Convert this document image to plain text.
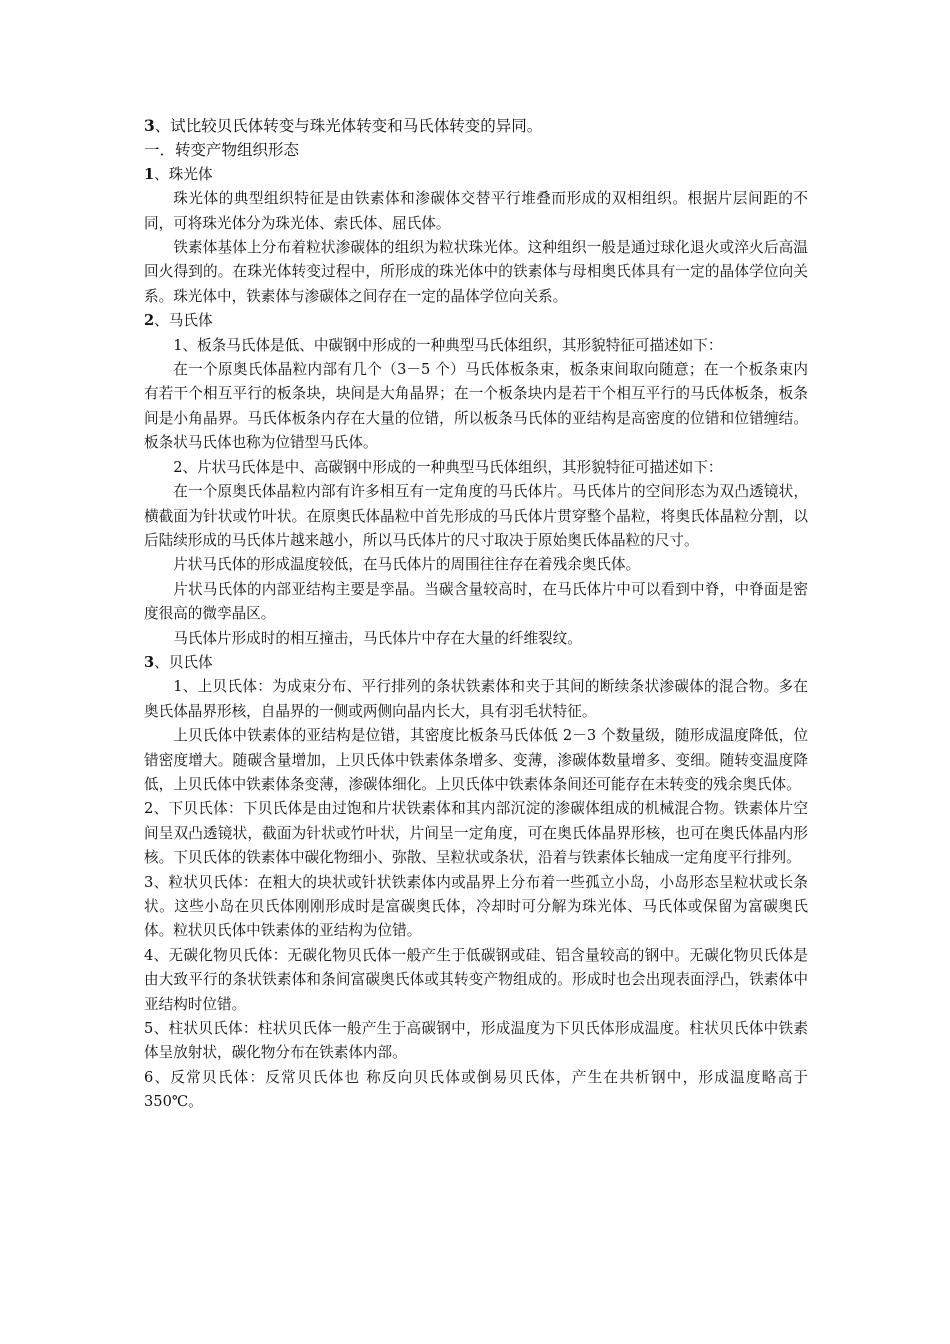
3、试比较贝氏体转变与珠光体转变和马氏体转变的异同。

一．转变产物组织形态

1、珠光体

珠光体的典型组织特征是由铁素体和渗碳体交替平行堆叠而形成的双相组织。根据片层间距的不同，可将珠光体分为珠光体、索氏体、屈氏体。

铁素体基体上分布着粒状渗碳体的组织为粒状珠光体。这种组织一般是通过球化退火或淬火后高温回火得到的。在珠光体转变过程中，所形成的珠光体中的铁素体与母相奥氏体具有一定的晶体学位向关系。珠光体中，铁素体与渗碳体之间存在一定的晶体学位向关系。

2、马氏体

1、板条马氏体是低、中碳钢中形成的一种典型马氏体组织，其形貌特征可描述如下：

在一个原奥氏体晶粒内部有几个（3－5 个）马氏体板条束，板条束间取向随意；在一个板条束内有若干个相互平行的板条块，块间是大角晶界；在一个板条块内是若干个相互平行的马氏体板条，板条间是小角晶界。马氏体板条内存在大量的位错，所以板条马氏体的亚结构是高密度的位错和位错缠结。板条状马氏体也称为位错型马氏体。

2、片状马氏体是中、高碳钢中形成的一种典型马氏体组织，其形貌特征可描述如下：

在一个原奥氏体晶粒内部有许多相互有一定角度的马氏体片。马氏体片的空间形态为双凸透镜状，横截面为针状或竹叶状。在原奥氏体晶粒中首先形成的马氏体片贯穿整个晶粒，将奥氏体晶粒分割，以后陆续形成的马氏体片越来越小，所以马氏体片的尺寸取决于原始奥氏体晶粒的尺寸。

片状马氏体的形成温度较低，在马氏体片的周围往往存在着残余奥氏体。

片状马氏体的内部亚结构主要是孪晶。当碳含量较高时，在马氏体片中可以看到中脊，中脊面是密度很高的微孪晶区。

马氏体片形成时的相互撞击，马氏体片中存在大量的纤维裂纹。

3、贝氏体

1、上贝氏体：为成束分布、平行排列的条状铁素体和夹于其间的断续条状渗碳体的混合物。多在奥氏体晶界形核，自晶界的一侧或两侧向晶内长大，具有羽毛状特征。

上贝氏体中铁素体的亚结构是位错，其密度比板条马氏体低 2－3 个数量级，随形成温度降低，位错密度增大。随碳含量增加，上贝氏体中铁素体条增多、变薄，渗碳体数量增多、变细。随转变温度降低，上贝氏体中铁素体条变薄，渗碳体细化。上贝氏体中铁素体条间还可能存在未转变的残余奥氏体。

2、下贝氏体：下贝氏体是由过饱和片状铁素体和其内部沉淀的渗碳体组成的机械混合物。铁素体片空间呈双凸透镜状，截面为针状或竹叶状，片间呈一定角度，可在奥氏体晶界形核，也可在奥氏体晶内形核。下贝氏体的铁素体中碳化物细小、弥散、呈粒状或条状，沿着与铁素体长轴成一定角度平行排列。

3、粒状贝氏体：在粗大的块状或针状铁素体内或晶界上分布着一些孤立小岛，小岛形态呈粒状或长条状。这些小岛在贝氏体刚刚形成时是富碳奥氏体，冷却时可分解为珠光体、马氏体或保留为富碳奥氏体。粒状贝氏体中铁素体的亚结构为位错。

4、无碳化物贝氏体：无碳化物贝氏体一般产生于低碳钢或硅、铝含量较高的钢中。无碳化物贝氏体是由大致平行的条状铁素体和条间富碳奥氏体或其转变产物组成的。形成时也会出现表面浮凸，铁素体中亚结构时位错。

5、柱状贝氏体：柱状贝氏体一般产生于高碳钢中，形成温度为下贝氏体形成温度。柱状贝氏体中铁素体呈放射状，碳化物分布在铁素体内部。

6、反常贝氏体：反常贝氏体也 称反向贝氏体或倒易贝氏体，产生在共析钢中，形成温度略高于 350℃。
